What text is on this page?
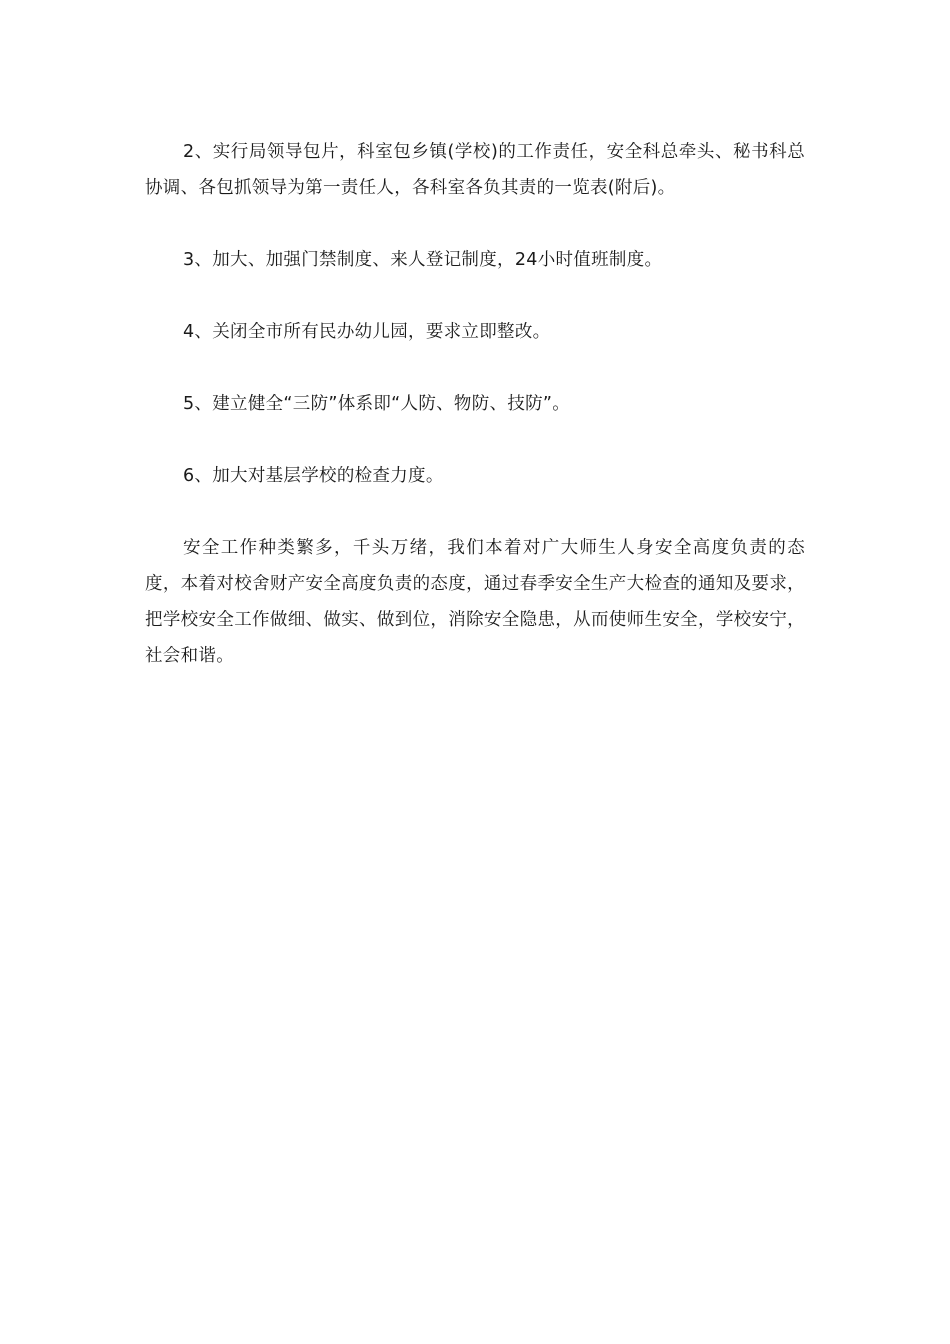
2、实行局领导包片，科室包乡镇(学校)的工作责任，安全科总牵头、秘书科总协调、各包抓领导为第一责任人，各科室各负其责的一览表(附后)。

3、加大、加强门禁制度、来人登记制度，24小时值班制度。

4、关闭全市所有民办幼儿园，要求立即整改。

5、建立健全“三防”体系即“人防、物防、技防”。

6、加大对基层学校的检查力度。

安全工作种类繁多，千头万绪，我们本着对广大师生人身安全高度负责的态度，本着对校舍财产安全高度负责的态度，通过春季安全生产大检查的通知及要求，把学校安全工作做细、做实、做到位，消除安全隐患，从而使师生安全，学校安宁，社会和谐。
